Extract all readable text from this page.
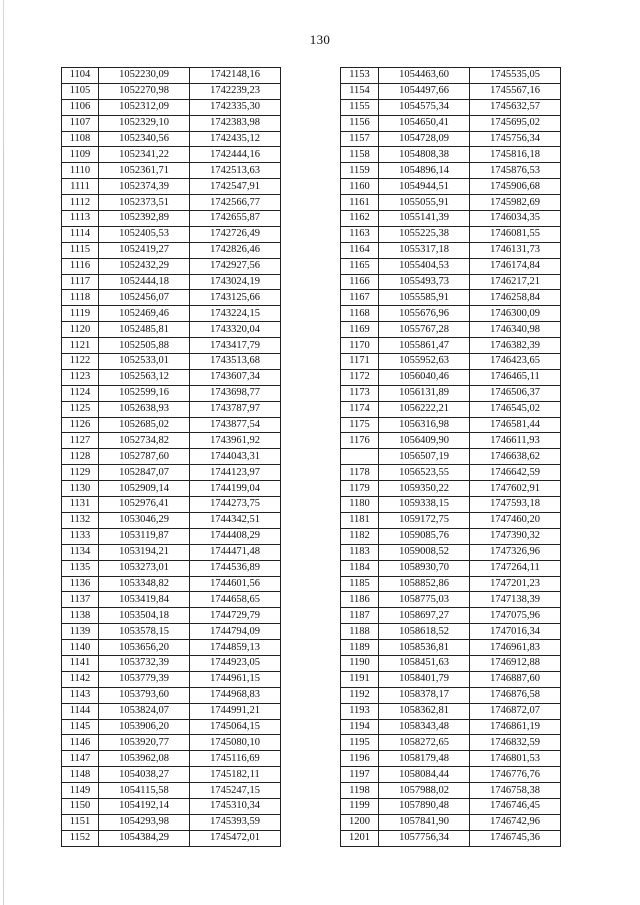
130
1104	1052230,09	1742148,16
1105	1052270,98	1742239,23
1106	1052312,09	1742335,30
1107	1052329,10	1742383,98
1108	1052340,56	1742435,12
1109	1052341,22	1742444,16
1110	1052361,71	1742513,63
1111	1052374,39	1742547,91
1112	1052373,51	1742566,77
1113	1052392,89	1742655,87
1114	1052405,53	1742726,49
1115	1052419,27	1742826,46
1116	1052432,29	1742927,56
1117	1052444,18	1743024,19
1118	1052456,07	1743125,66
1119	1052469,46	1743224,15
1120	1052485,81	1743320,04
1121	1052505,88	1743417,79
1122	1052533,01	1743513,68
1123	1052563,12	1743607,34
1124	1052599,16	1743698,77
1125	1052638,93	1743787,97
1126	1052685,02	1743877,54
1127	1052734,82	1743961,92
1128	1052787,60	1744043,31
1129	1052847,07	1744123,97
1130	1052909,14	1744199,04
1131	1052976,41	1744273,75
1132	1053046,29	1744342,51
1133	1053119,87	1744408,29
1134	1053194,21	1744471,48
1135	1053273,01	1744536,89
1136	1053348,82	1744601,56
1137	1053419,84	1744658,65
1138	1053504,18	1744729,79
1139	1053578,15	1744794,09
1140	1053656,20	1744859,13
1141	1053732,39	1744923,05
1142	1053779,39	1744961,15
1143	1053793,60	1744968,83
1144	1053824,07	1744991,21
1145	1053906,20	1745064,15
1146	1053920,77	1745080,10
1147	1053962,08	1745116,69
1148	1054038,27	1745182,11
1149	1054115,58	1745247,15
1150	1054192,14	1745310,34
1151	1054293,98	1745393,59
1152	1054384,29	1745472,01
1153	1054463,60	1745535,05
1154	1054497,66	1745567,16
1155	1054575,34	1745632,57
1156	1054650,41	1745695,02
1157	1054728,09	1745756,34
1158	1054808,38	1745816,18
1159	1054896,14	1745876,53
1160	1054944,51	1745906,68
1161	1055055,91	1745982,69
1162	1055141,39	1746034,35
1163	1055225,38	1746081,55
1164	1055317,18	1746131,73
1165	1055404,53	1746174,84
1166	1055493,73	1746217,21
1167	1055585,91	1746258,84
1168	1055676,96	1746300,09
1169	1055767,28	1746340,98
1170	1055861,47	1746382,39
1171	1055952,63	1746423,65
1172	1056040,46	1746465,11
1173	1056131,89	1746506,37
1174	1056222,21	1746545,02
1175	1056316,98	1746581,44
1176	1056409,90	1746611,93
	1056507,19	1746638,62
1178	1056523,55	1746642,59
1179	1059350,22	1747602,91
1180	1059338,15	1747593,18
1181	1059172,75	1747460,20
1182	1059085,76	1747390,32
1183	1059008,52	1747326,96
1184	1058930,70	1747264,11
1185	1058852,86	1747201,23
1186	1058775,03	1747138,39
1187	1058697,27	1747075,96
1188	1058618,52	1747016,34
1189	1058536,81	1746961,83
1190	1058451,63	1746912,88
1191	1058401,79	1746887,60
1192	1058378,17	1746876,58
1193	1058362,81	1746872,07
1194	1058343,48	1746861,19
1195	1058272,65	1746832,59
1196	1058179,48	1746801,53
1197	1058084,44	1746776,76
1198	1057988,02	1746758,38
1199	1057890,48	1746746,45
1200	1057841,90	1746742,96
1201	1057756,34	1746745,36
